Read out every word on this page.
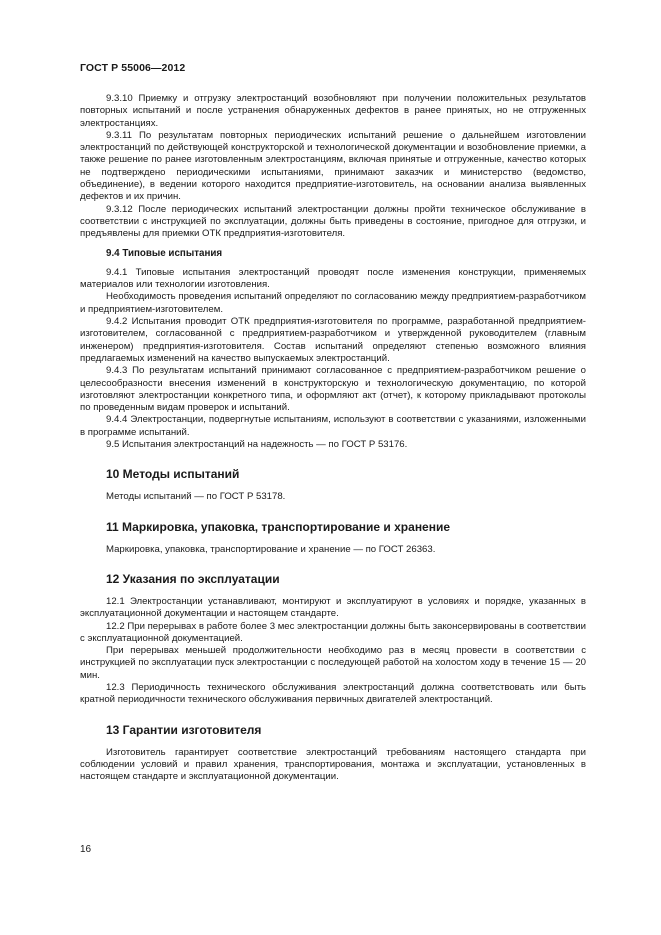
ГОСТ Р 55006—2012

9.3.10 Приемку и отгрузку электростанций возобновляют при получении положительных результатов повторных испытаний и после устранения обнаруженных дефектов в ранее принятых, но не отгруженных электростанциях.

9.3.11 По результатам повторных периодических испытаний решение о дальнейшем изготовлении электростанций по действующей конструкторской и технологической документации и возобновление приемки, а также решение по ранее изготовленным электростанциям, включая принятые и отгруженные, качество которых не подтверждено периодическими испытаниями, принимают заказчик и министерство (ведомство, объединение), в ведении которого находится предприятие-изготовитель, на основании анализа выявленных дефектов и их причин.

9.3.12 После периодических испытаний электростанции должны пройти техническое обслуживание в соответствии с инструкцией по эксплуатации, должны быть приведены в состояние, пригодное для отгрузки, и предъявлены для приемки ОТК предприятия-изготовителя.

9.4 Типовые испытания

9.4.1 Типовые испытания электростанций проводят после изменения конструкции, применяемых материалов или технологии изготовления.

Необходимость проведения испытаний определяют по согласованию между предприятием-разработчиком и предприятием-изготовителем.

9.4.2 Испытания проводит ОТК предприятия-изготовителя по программе, разработанной предприятием-изготовителем, согласованной с предприятием-разработчиком и утвержденной руководителем (главным инженером) предприятия-изготовителя. Состав испытаний определяют степенью возможного влияния предлагаемых изменений на качество выпускаемых электростанций.

9.4.3 По результатам испытаний принимают согласованное с предприятием-разработчиком решение о целесообразности внесения изменений в конструкторскую и технологическую документацию, по которой изготовляют электростанции конкретного типа, и оформляют акт (отчет), к которому прикладывают протоколы по проведенным видам проверок и испытаний.

9.4.4 Электростанции, подвергнутые испытаниям, используют в соответствии с указаниями, изложенными в программе испытаний.

9.5 Испытания электростанций на надежность — по ГОСТ Р 53176.

10 Методы испытаний

Методы испытаний — по ГОСТ Р 53178.

11 Маркировка, упаковка, транспортирование и хранение

Маркировка, упаковка, транспортирование и хранение — по ГОСТ 26363.

12 Указания по эксплуатации

12.1 Электростанции устанавливают, монтируют и эксплуатируют в условиях и порядке, указанных в эксплуатационной документации и настоящем стандарте.

12.2 При перерывах в работе более 3 мес электростанции должны быть законсервированы в соответствии с эксплуатационной документацией.

При перерывах меньшей продолжительности необходимо раз в месяц провести в соответствии с инструкцией по эксплуатации пуск электростанции с последующей работой на холостом ходу в течение 15 — 20 мин.

12.3 Периодичность технического обслуживания электростанций должна соответствовать или быть кратной периодичности технического обслуживания первичных двигателей электростанций.

13 Гарантии изготовителя

Изготовитель гарантирует соответствие электростанций требованиям настоящего стандарта при соблюдении условий и правил хранения, транспортирования, монтажа и эксплуатации, установленных в настоящем стандарте и эксплуатационной документации.

16
